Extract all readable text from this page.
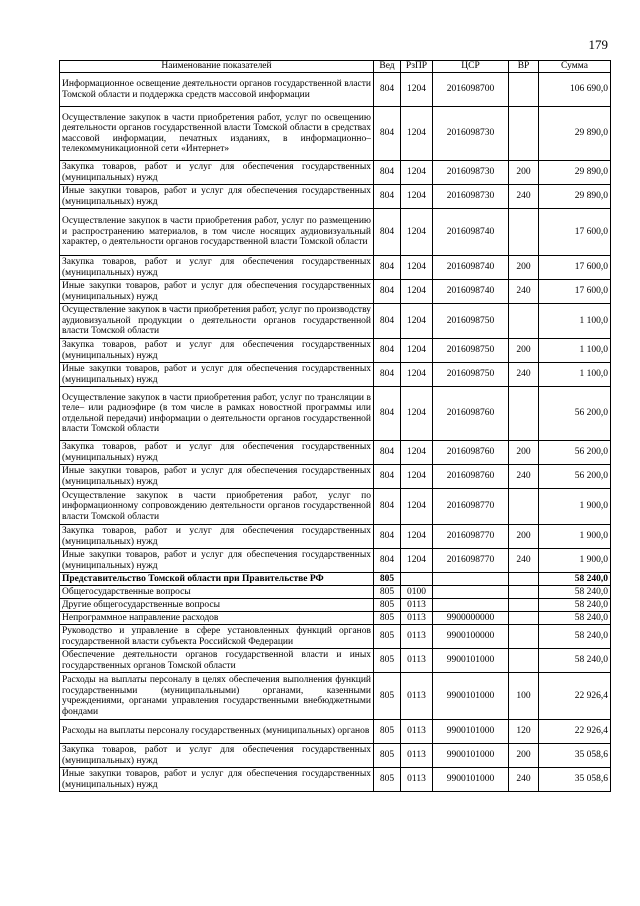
179
Наименование показателей	Вед	РзПР	ЦСР	ВР	Сумма
Информационное освещение деятельности органов государственной власти Томской области и поддержка средств массовой информации	804	1204	2016098700		106 690,0
Осуществление закупок в части приобретения работ, услуг по освещению деятельности органов государственной власти Томской области в средствах массовой информации, печатных изданиях, в информационно–телекоммуникационной сети «Интернет»	804	1204	2016098730		29 890,0
Закупка товаров, работ и услуг для обеспечения государственных (муниципальных) нужд	804	1204	2016098730	200	29 890,0
Иные закупки товаров, работ и услуг для обеспечения государственных (муниципальных) нужд	804	1204	2016098730	240	29 890,0
Осуществление закупок в части приобретения работ, услуг по размещению и распространению материалов, в том числе носящих аудиовизуальный характер, о деятельности органов государственной власти Томской области	804	1204	2016098740		17 600,0
Закупка товаров, работ и услуг для обеспечения государственных (муниципальных) нужд	804	1204	2016098740	200	17 600,0
Иные закупки товаров, работ и услуг для обеспечения государственных (муниципальных) нужд	804	1204	2016098740	240	17 600,0
Осуществление закупок в части приобретения работ, услуг по производству аудиовизуальной продукции о деятельности органов государственной власти Томской области	804	1204	2016098750		1 100,0
Закупка товаров, работ и услуг для обеспечения государственных (муниципальных) нужд	804	1204	2016098750	200	1 100,0
Иные закупки товаров, работ и услуг для обеспечения государственных (муниципальных) нужд	804	1204	2016098750	240	1 100,0
Осуществление закупок в части приобретения работ, услуг по трансляции в теле– или радиоэфире (в том числе в рамках новостной программы или отдельной передачи) информации о деятельности органов государственной власти Томской области	804	1204	2016098760		56 200,0
Закупка товаров, работ и услуг для обеспечения государственных (муниципальных) нужд	804	1204	2016098760	200	56 200,0
Иные закупки товаров, работ и услуг для обеспечения государственных (муниципальных) нужд	804	1204	2016098760	240	56 200,0
Осуществление закупок в части приобретения работ, услуг по информационному сопровождению деятельности органов государственной власти Томской области	804	1204	2016098770		1 900,0
Закупка товаров, работ и услуг для обеспечения государственных (муниципальных) нужд	804	1204	2016098770	200	1 900,0
Иные закупки товаров, работ и услуг для обеспечения государственных (муниципальных) нужд	804	1204	2016098770	240	1 900,0
Представительство Томской области при Правительстве РФ	805				58 240,0
Общегосударственные вопросы	805	0100			58 240,0
Другие общегосударственные вопросы	805	0113			58 240,0
Непрограммное направление расходов	805	0113	9900000000		58 240,0
Руководство и управление в сфере установленных функций органов государственной власти субъекта Российской Федерации	805	0113	9900100000		58 240,0
Обеспечение деятельности органов государственной власти и иных государственных органов Томской области	805	0113	9900101000		58 240,0
Расходы на выплаты персоналу в целях обеспечения выполнения функций государственными (муниципальными) органами, казенными учреждениями, органами управления государственными внебюджетными фондами	805	0113	9900101000	100	22 926,4
Расходы на выплаты персоналу государственных (муниципальных) органов	805	0113	9900101000	120	22 926,4
Закупка товаров, работ и услуг для обеспечения государственных (муниципальных) нужд	805	0113	9900101000	200	35 058,6
Иные закупки товаров, работ и услуг для обеспечения государственных (муниципальных) нужд	805	0113	9900101000	240	35 058,6
